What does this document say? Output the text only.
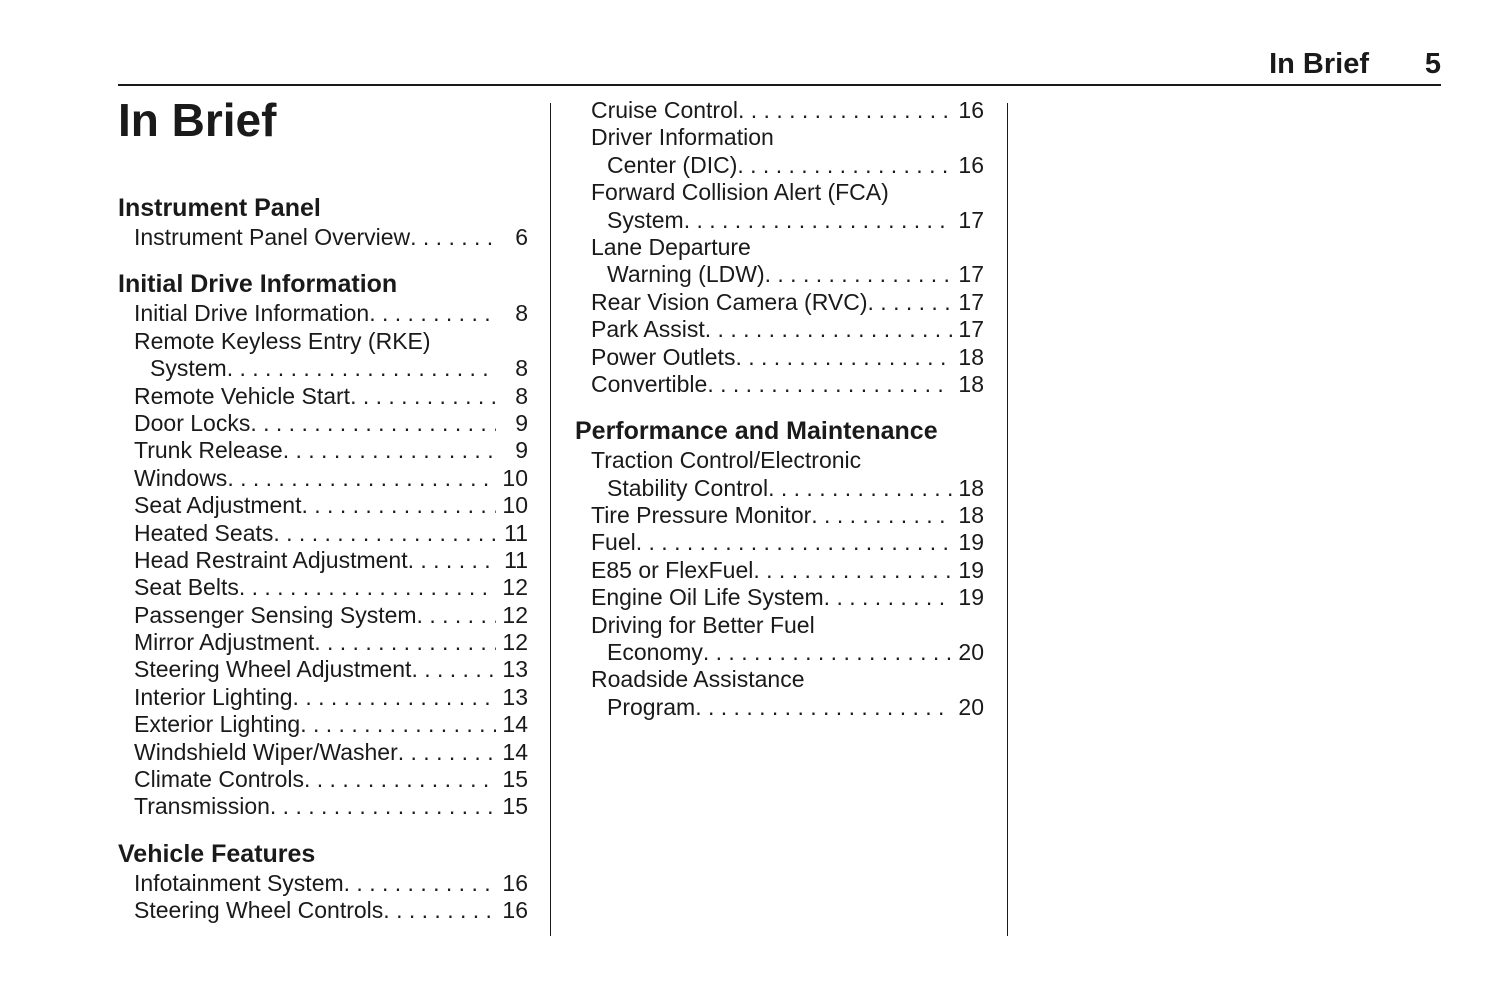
In Brief 5
In Brief
Instrument Panel
Instrument Panel Overview . . .	6
Initial Drive Information
Initial Drive Information . . .	8
Remote Keyless Entry (RKE)
System . . .	8
Remote Vehicle Start . . .	8
Door Locks . . .	9
Trunk Release . . .	9
Windows . . .	10
Seat Adjustment . . .	10
Heated Seats . . .	11
Head Restraint Adjustment . . .	11
Seat Belts . . .	12
Passenger Sensing System . . .	12
Mirror Adjustment . . .	12
Steering Wheel Adjustment . . .	13
Interior Lighting . . .	13
Exterior Lighting . . .	14
Windshield Wiper/Washer . . .	14
Climate Controls . . .	15
Transmission . . .	15
Vehicle Features
Infotainment System . . .	16
Steering Wheel Controls . . .	16
Cruise Control . . .	16
Driver Information
Center (DIC) . . .	16
Forward Collision Alert (FCA)
System . . .	17
Lane Departure
Warning (LDW) . . .	17
Rear Vision Camera (RVC) . . .	17
Park Assist . . .	17
Power Outlets . . .	18
Convertible . . .	18
Performance and Maintenance
Traction Control/Electronic
Stability Control . . .	18
Tire Pressure Monitor . . .	18
Fuel . . .	19
E85 or FlexFuel . . .	19
Engine Oil Life System . . .	19
Driving for Better Fuel
Economy . . .	20
Roadside Assistance
Program . . .	20
